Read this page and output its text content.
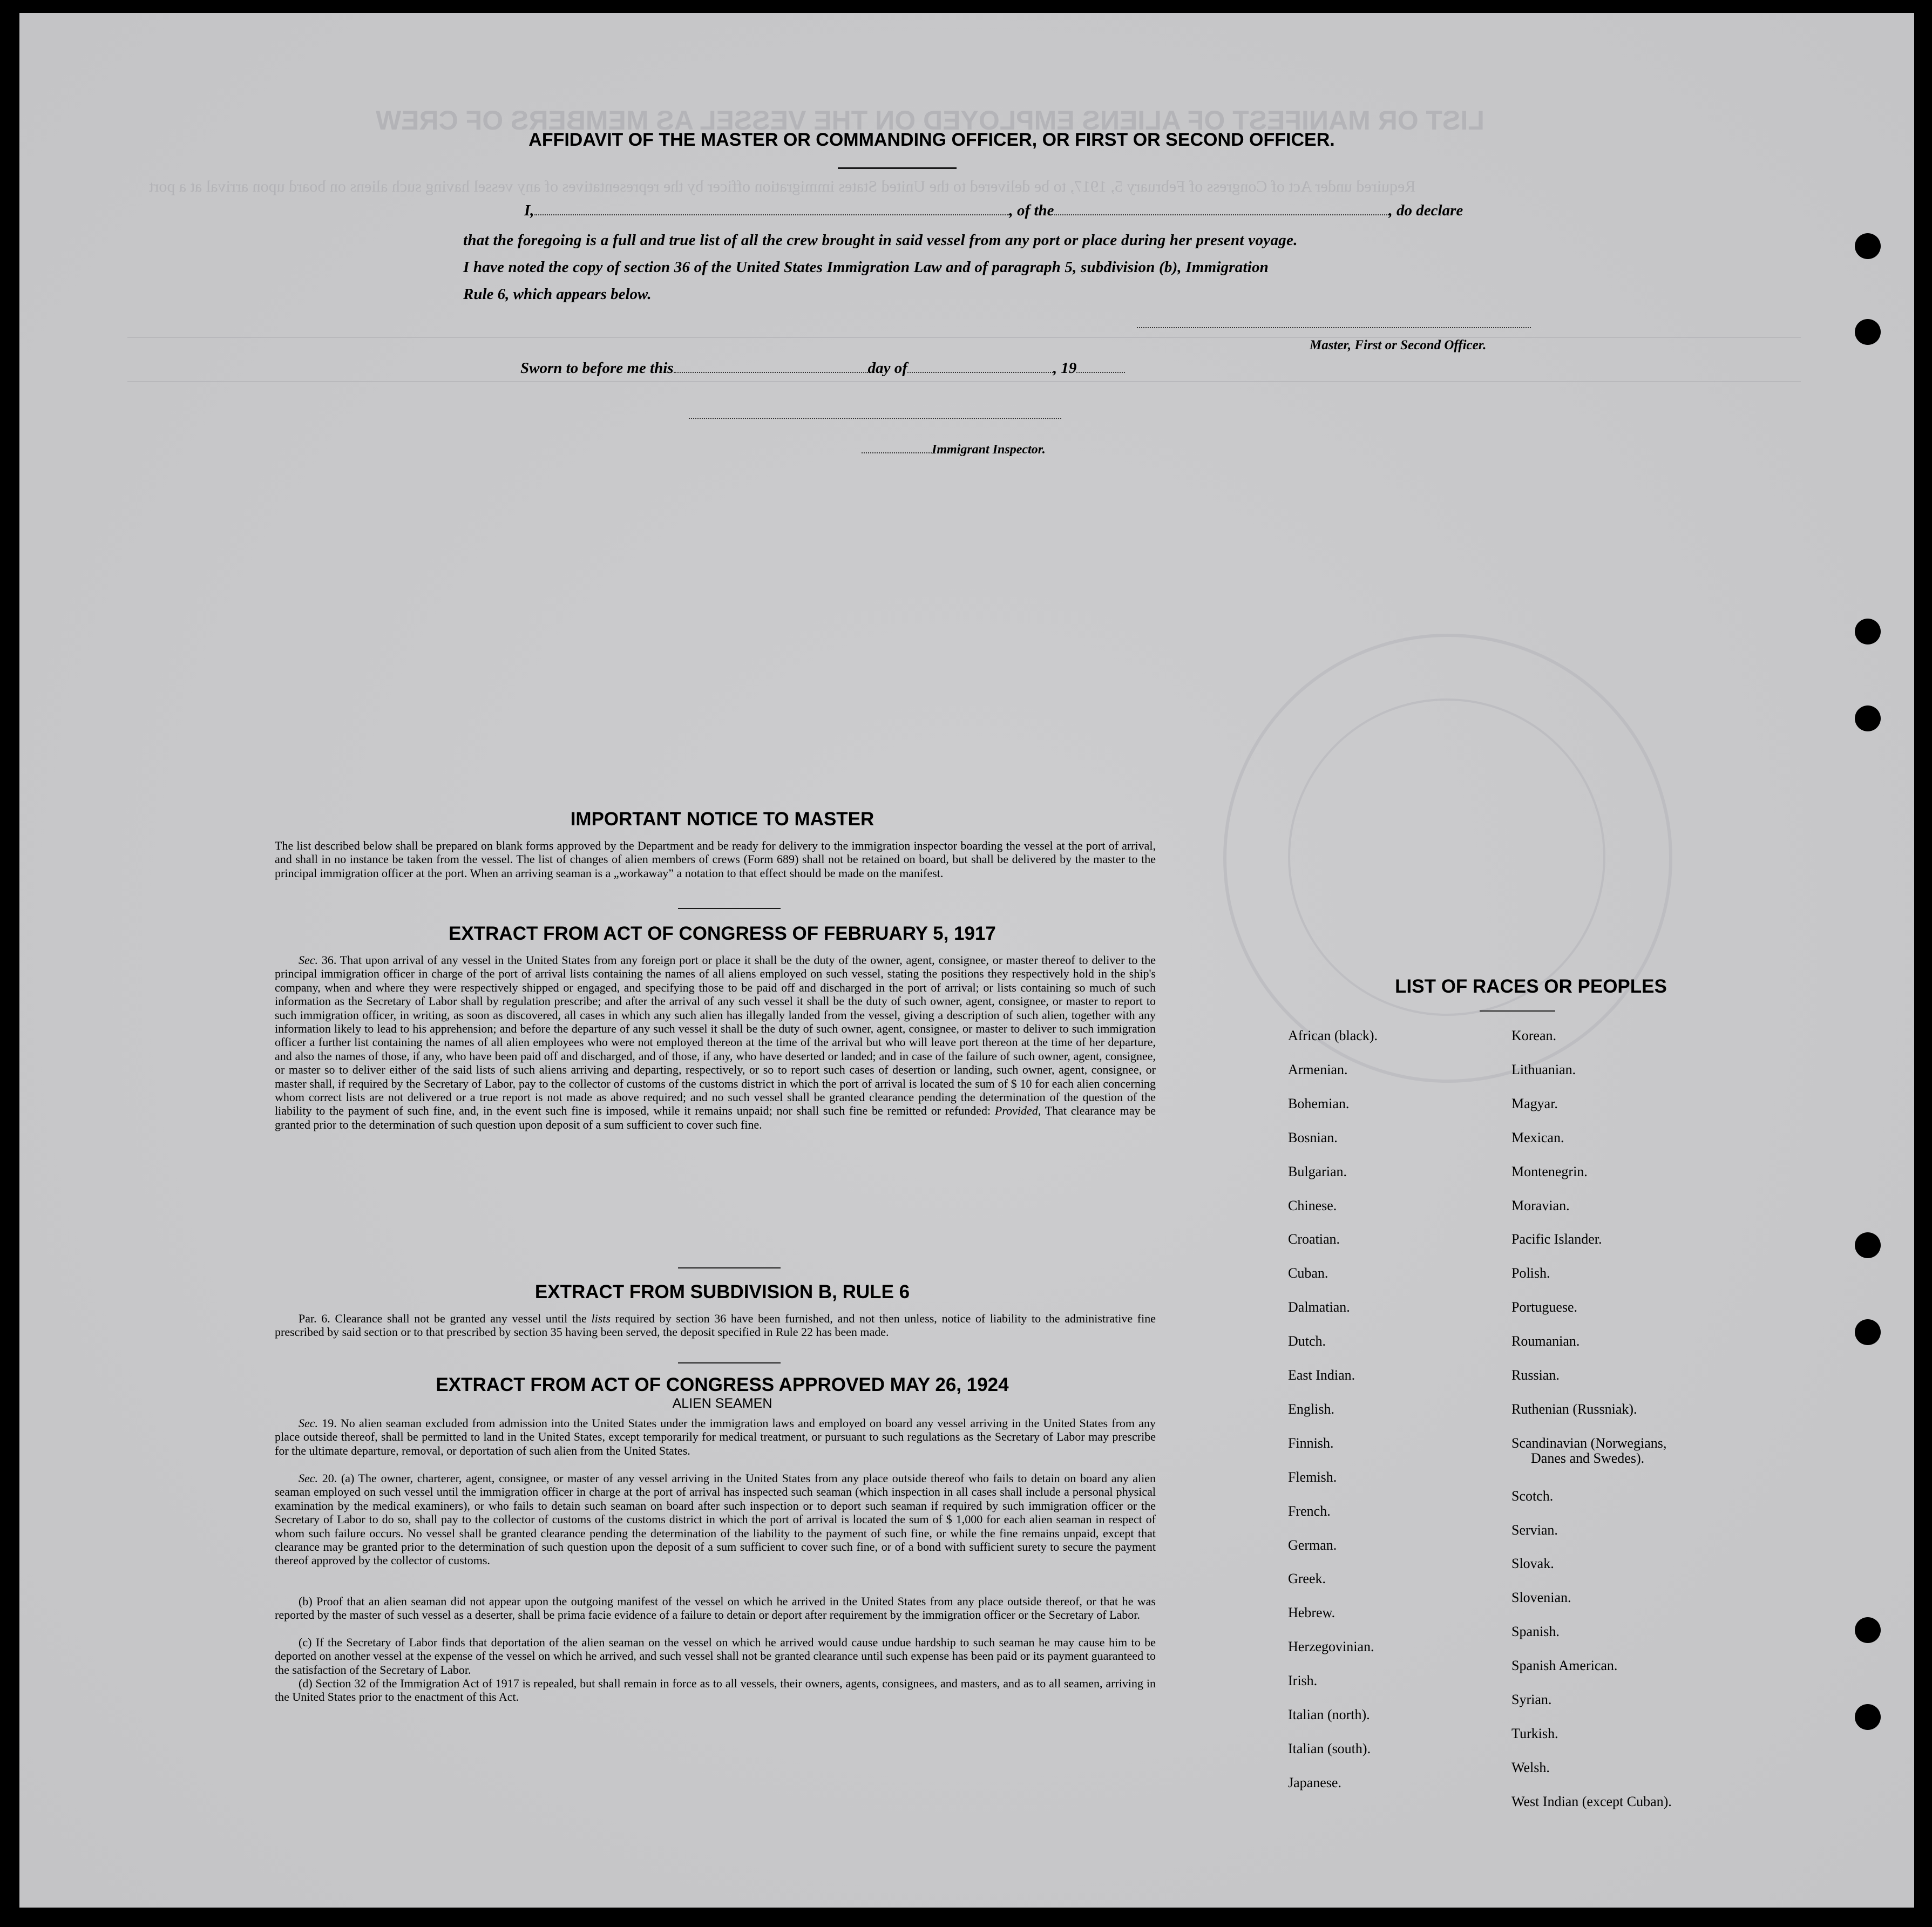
LIST OR MANIFEST OF ALIENS EMPLOYED ON THE VESSEL AS MEMBERS OF CREW
Required under Act of Congress of February 5, 1917, to be delivered to the United States immigration officer by the representatives of any vessel having such aliens on board upon arrival at a port
AFFIDAVIT OF THE MASTER OR COMMANDING OFFICER, OR FIRST OR SECOND OFFICER.
I,	, of the	, do declare
that the foregoing is a full and true list of all the crew brought in said vessel from any port or place during her present voyage.
I have noted the copy of section 36 of the United States Immigration Law and of paragraph 5, subdivision (b), Immigration
Rule 6, which appears below.
Master, First or Second Officer.
Sworn to before me this	day of	, 19
Immigrant Inspector.
IMPORTANT NOTICE TO MASTER
The list described below shall be prepared on blank forms approved by the Department and be ready for delivery to the immigration inspector boarding the vessel at the port of arrival, and shall in no instance be taken from the vessel. The list of changes of alien members of crews (Form 689) shall not be retained on board, but shall be delivered by the master to the principal immigration officer at the port. When an arriving seaman is a „workaway” a notation to that effect should be made on the manifest.
EXTRACT FROM ACT OF CONGRESS OF FEBRUARY 5, 1917
Sec. 36. That upon arrival of any vessel in the United States from any foreign port or place it shall be the duty of the owner, agent, consignee, or master thereof to deliver to the principal immigration officer in charge of the port of arrival lists containing the names of all aliens employed on such vessel, stating the positions they respectively hold in the ship's company, when and where they were respectively shipped or engaged, and specifying those to be paid off and discharged in the port of arrival; or lists containing so much of such information as the Secretary of Labor shall by regulation prescribe; and after the arrival of any such vessel it shall be the duty of such owner, agent, consignee, or master to report to such immigration officer, in writing, as soon as discovered, all cases in which any such alien has illegally landed from the vessel, giving a description of such alien, together with any information likely to lead to his apprehension; and before the departure of any such vessel it shall be the duty of such owner, agent, consignee, or master to deliver to such immigration officer a further list containing the names of all alien employees who were not employed thereon at the time of the arrival but who will leave port thereon at the time of her departure, and also the names of those, if any, who have been paid off and discharged, and of those, if any, who have deserted or landed; and in case of the failure of such owner, agent, consignee, or master so to deliver either of the said lists of such aliens arriving and departing, respectively, or so to report such cases of desertion or landing, such owner, agent, consignee, or master shall, if required by the Secretary of Labor, pay to the collector of customs of the customs district in which the port of arrival is located the sum of $ 10 for each alien concerning whom correct lists are not delivered or a true report is not made as above required; and no such vessel shall be granted clearance pending the determination of the question of the liability to the payment of such fine, and, in the event such fine is imposed, while it remains unpaid; nor shall such fine be remitted or refunded: Provided, That clearance may be granted prior to the determination of such question upon deposit of a sum sufficient to cover such fine.
EXTRACT FROM SUBDIVISION B, RULE 6
Par. 6. Clearance shall not be granted any vessel until the lists required by section 36 have been furnished, and not then unless, notice of liability to the administrative fine prescribed by said section or to that prescribed by section 35 having been served, the deposit specified in Rule 22 has been made.
EXTRACT FROM ACT OF CONGRESS APPROVED MAY 26, 1924
ALIEN SEAMEN
Sec. 19. No alien seaman excluded from admission into the United States under the immigration laws and employed on board any vessel arriving in the United States from any place outside thereof, shall be permitted to land in the United States, except temporarily for medical treatment, or pursuant to such regulations as the Secretary of Labor may prescribe for the ultimate departure, removal, or deportation of such alien from the United States.
Sec. 20. (a) The owner, charterer, agent, consignee, or master of any vessel arriving in the United States from any place outside thereof who fails to detain on board any alien seaman employed on such vessel until the immigration officer in charge at the port of arrival has inspected such seaman (which inspection in all cases shall include a personal physical examination by the medical examiners), or who fails to detain such seaman on board after such inspection or to deport such seaman if required by such immigration officer or the Secretary of Labor to do so, shall pay to the collector of customs of the customs district in which the port of arrival is located the sum of $ 1,000 for each alien seaman in respect of whom such failure occurs. No vessel shall be granted clearance pending the determination of the liability to the payment of such fine, or while the fine remains unpaid, except that clearance may be granted prior to the determination of such question upon the deposit of a sum sufficient to cover such fine, or of a bond with sufficient surety to secure the payment thereof approved by the collector of customs.
(b) Proof that an alien seaman did not appear upon the outgoing manifest of the vessel on which he arrived in the United States from any place outside thereof, or that he was reported by the master of such vessel as a deserter, shall be prima facie evidence of a failure to detain or deport after requirement by the immigration officer or the Secretary of Labor.
(c) If the Secretary of Labor finds that deportation of the alien seaman on the vessel on which he arrived would cause undue hardship to such seaman he may cause him to be deported on another vessel at the expense of the vessel on which he arrived, and such vessel shall not be granted clearance until such expense has been paid or its payment guaranteed to the satisfaction of the Secretary of Labor.
(d) Section 32 of the Immigration Act of 1917 is repealed, but shall remain in force as to all vessels, their owners, agents, consignees, and masters, and as to all seamen, arriving in the United States prior to the enactment of this Act.
LIST OF RACES OR PEOPLES
African (black).
Armenian.
Bohemian.
Bosnian.
Bulgarian.
Chinese.
Croatian.
Cuban.
Dalmatian.
Dutch.
East Indian.
English.
Finnish.
Flemish.
French.
German.
Greek.
Hebrew.
Herzegovinian.
Irish.
Italian (north).
Italian (south).
Japanese.
Korean.
Lithuanian.
Magyar.
Mexican.
Montenegrin.
Moravian.
Pacific Islander.
Polish.
Portuguese.
Roumanian.
Russian.
Ruthenian (Russniak).
Scandinavian (Norwegians,
Danes and Swedes).
Scotch.
Servian.
Slovak.
Slovenian.
Spanish.
Spanish American.
Syrian.
Turkish.
Welsh.
West Indian (except Cuban).
